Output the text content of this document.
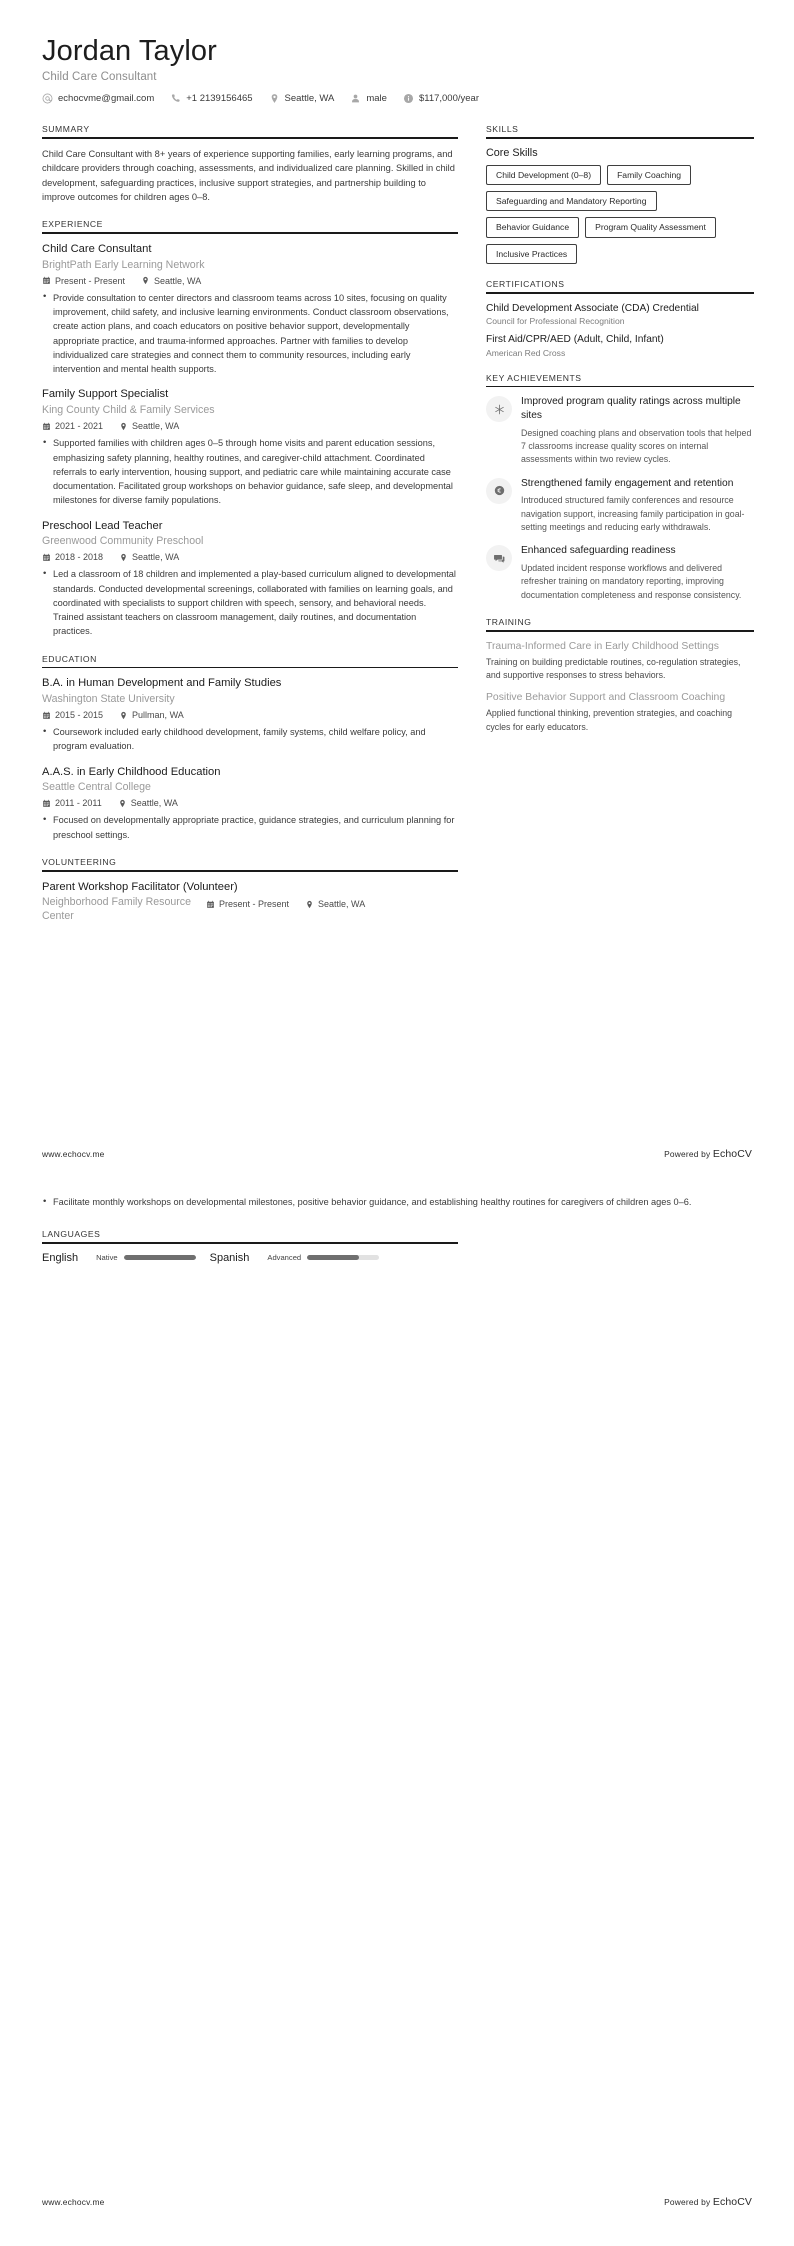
Jordan Taylor
Child Care Consultant
echocvme@gmail.com	+1 2139156465	Seattle, WA	male	$117,000/year
SUMMARY
Child Care Consultant with 8+ years of experience supporting families, early learning programs, and childcare providers through coaching, assessments, and individualized care planning. Skilled in child development, safeguarding practices, inclusive support strategies, and partnership building to improve outcomes for children ages 0–8.
EXPERIENCE
Child Care Consultant
BrightPath Early Learning Network
Present - Present	Seattle, WA
• Provide consultation to center directors and classroom teams across 10 sites, focusing on quality improvement, child safety, and inclusive learning environments. Conduct classroom observations, create action plans, and coach educators on positive behavior support, developmentally appropriate practice, and trauma-informed approaches. Partner with families to develop individualized care strategies and connect them to community resources, including early intervention and mental health supports.
Family Support Specialist
King County Child & Family Services
2021 - 2021	Seattle, WA
• Supported families with children ages 0–5 through home visits and parent education sessions, emphasizing safety planning, healthy routines, and caregiver-child attachment. Coordinated referrals to early intervention, housing support, and pediatric care while maintaining accurate case documentation. Facilitated group workshops on behavior guidance, safe sleep, and developmental milestones for diverse family populations.
Preschool Lead Teacher
Greenwood Community Preschool
2018 - 2018	Seattle, WA
• Led a classroom of 18 children and implemented a play-based curriculum aligned to developmental standards. Conducted developmental screenings, collaborated with families on learning goals, and coordinated with specialists to support children with speech, sensory, and behavioral needs. Trained assistant teachers on classroom management, daily routines, and documentation practices.
EDUCATION
B.A. in Human Development and Family Studies
Washington State University
2015 - 2015	Pullman, WA
• Coursework included early childhood development, family systems, child welfare policy, and program evaluation.
A.A.S. in Early Childhood Education
Seattle Central College
2011 - 2011	Seattle, WA
• Focused on developmentally appropriate practice, guidance strategies, and curriculum planning for preschool settings.
VOLUNTEERING
Parent Workshop Facilitator (Volunteer)
Neighborhood Family Resource Center
Present - Present	Seattle, WA
SKILLS
Core Skills
Child Development (0–8)	Family Coaching
Safeguarding and Mandatory Reporting
Behavior Guidance	Program Quality Assessment
Inclusive Practices
CERTIFICATIONS
Child Development Associate (CDA) Credential
Council for Professional Recognition
First Aid/CPR/AED (Adult, Child, Infant)
American Red Cross
KEY ACHIEVEMENTS
Improved program quality ratings across multiple sites
Designed coaching plans and observation tools that helped 7 classrooms increase quality scores on internal assessments within two review cycles.
Strengthened family engagement and retention
Introduced structured family conferences and resource navigation support, increasing family participation in goal-setting meetings and reducing early withdrawals.
Enhanced safeguarding readiness
Updated incident response workflows and delivered refresher training on mandatory reporting, improving documentation completeness and response consistency.
TRAINING
Trauma-Informed Care in Early Childhood Settings
Training on building predictable routines, co-regulation strategies, and supportive responses to stress behaviors.
Positive Behavior Support and Classroom Coaching
Applied functional thinking, prevention strategies, and coaching cycles for early educators.
www.echocv.me	Powered by EchoCV
• Facilitate monthly workshops on developmental milestones, positive behavior guidance, and establishing healthy routines for caregivers of children ages 0–6.
LANGUAGES
English Native	Spanish Advanced
www.echocv.me	Powered by EchoCV
